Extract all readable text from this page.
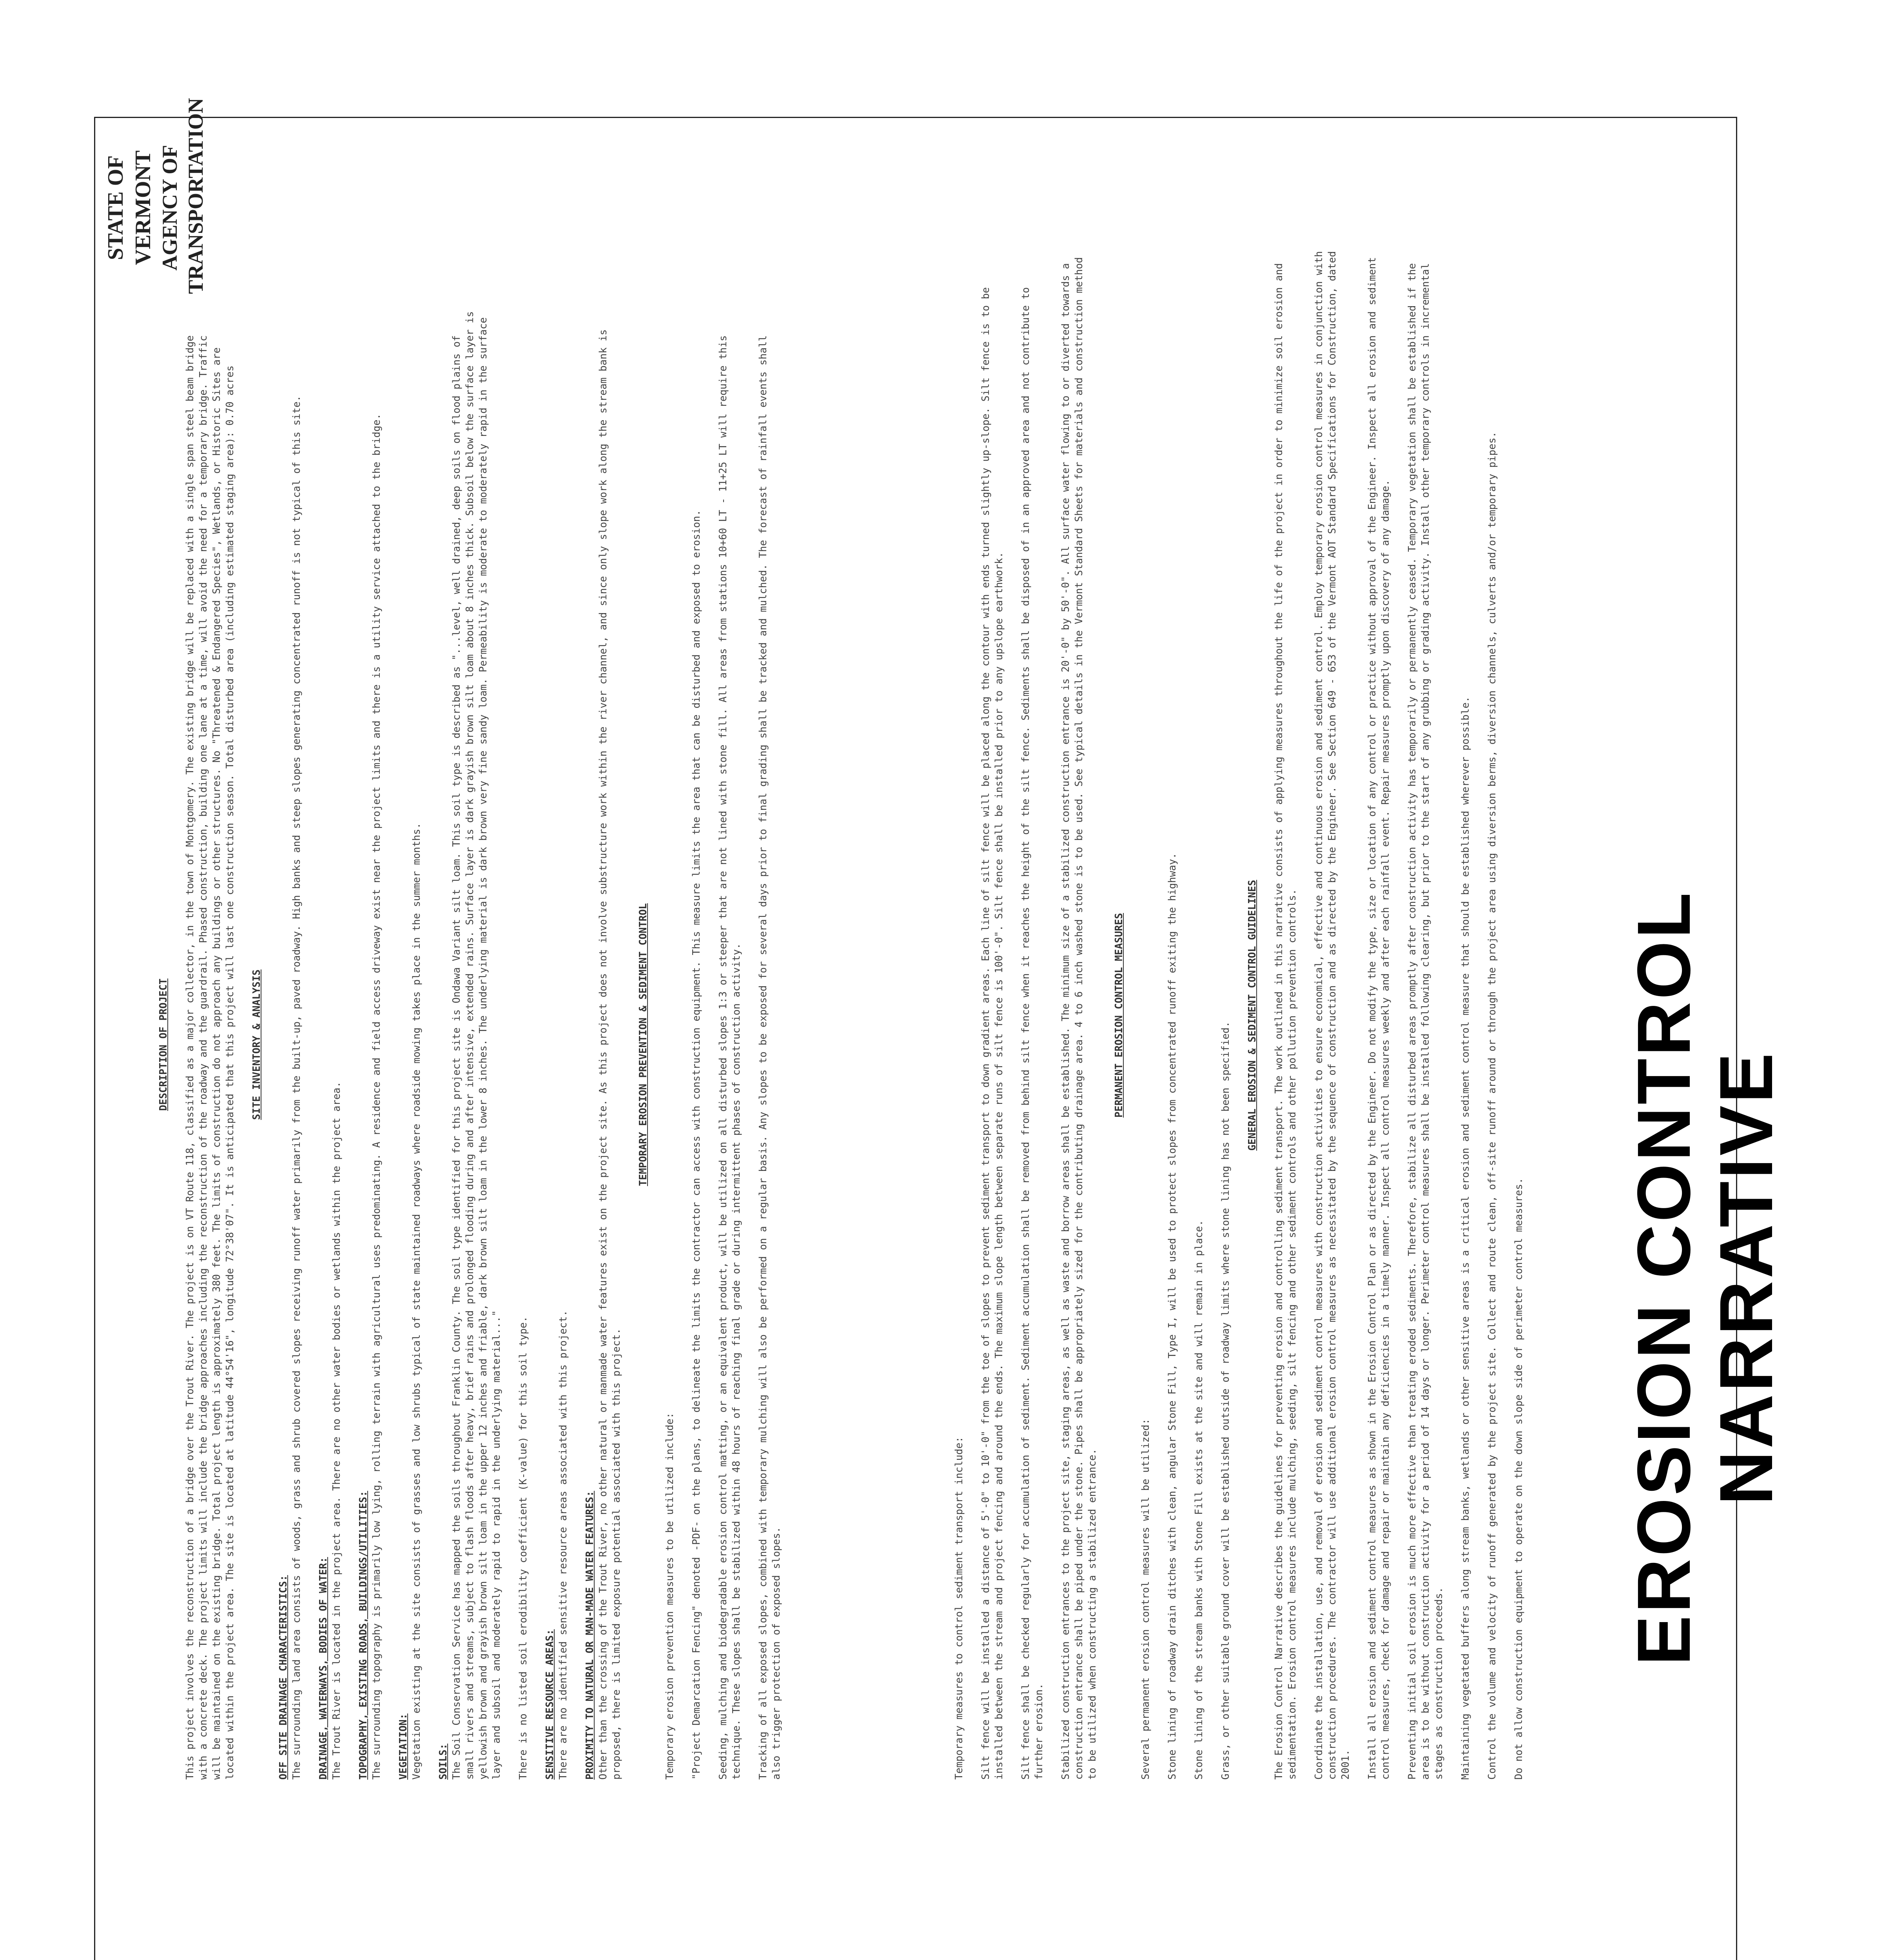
STATE OF VERMONT AGENCY OF TRANSPORTATION
EROSION CONTROL NARRATIVE
DESCRIPTION OF PROJECT This project involves the reconstruction of a bridge over the Trout River. The project is on VT Route 118, classified as a major collector, in the town of Montgomery. The existing bridge will be replaced with a single span steel beam bridge with a concrete deck. The project limits will include the bridge approaches including the reconstruction of the roadway and the guardrail. Phased construction, building one lane at a time, will avoid the need for a temporary bridge. Traffic will be maintained on the existing bridge. Total project length is approximately 380 feet. The limits of construction do not approach any buildings or other structures. No "Threatened & Endangered Species", Wetlands, or Historic Sites are located within the project area. The site is located at latitude 44°54'16", longitude 72°38'07". It is anticipated that this project will last one construction season. Total disturbed area (including estimated staging area): 0.70 acres SITE INVENTORY & ANALYSIS
OFF SITE DRAINAGE CHARACTERISTICS: The surrounding land area consists of woods, grass and shrub covered slopes receiving runoff water primarily from the built-up, paved roadway. High banks and steep slopes generating concentrated runoff is not typical of this site. DRAINAGE, WATERWAYS, BODIES OF WATER: The Trout River is located in the project area. There are no other water bodies or wetlands within the project area. TOPOGRAPHY, EXISTING ROADS, BUILDINGS/UTILITIES: The surrounding topography is primarily low lying, rolling terrain with agricultural uses predominating. A residence and field access driveway exist near the project limits and there is a utility service attached to the bridge. VEGETATION: Vegetation existing at the site consists of grasses and low shrubs typical of state maintained roadways where roadside mowing takes place in the summer months. SOILS: The Soil Conservation Service has mapped the soils throughout Franklin County. The soil type identified for this project site is Ondawa Variant silt loam. This soil type is described as "...level, well drained, deep soils on flood plains of small rivers and streams, subject to flash floods after heavy, brief rains and prolonged flooding during and after intensive, extended rains. Surface layer is dark grayish brown silt loam about 8 inches thick. Subsoil below the surface layer is yellowish brown and grayish brown silt loam in the upper 12 inches and friable, dark brown silt loam in the lower 8 inches. The underlying material is dark brown very fine sandy loam. Permeability is moderate to moderately rapid in the surface layer and subsoil and moderately rapid to rapid in the underlying material..." There is no listed soil erodibility coefficient (K-value) for this soil type. SENSITIVE RESOURCE AREAS: There are no identified sensitive resource areas associated with this project. PROXIMITY TO NATURAL OR MAN-MADE WATER FEATURES: Other than the crossing of the Trout River, no other natural or manmade water features exist on the project site. As this project does not involve substructure work within the river channel, and since only slope work along the stream bank is proposed, there is limited exposure potential associated with this project.

TEMPORARY EROSION PREVENTION & SEDIMENT CONTROL

Temporary erosion prevention measures to be utilized include: "Project Demarcation Fencing" denoted -PDF- on the plans, to delineate the limits the contractor can access with construction equipment. This measure limits the area that can be disturbed and exposed to erosion. Seeding, mulching and biodegradable erosion control matting, or an equivalent product, will be utilized on all disturbed slopes 1:3 or steeper that are not lined with stone fill. All areas from stations 10+60 LT - 11+25 LT will require this technique. These slopes shall be stabilized within 48 hours of reaching final grade or during intermittent phases of construction activity. Tracking of all exposed slopes, combined with temporary mulching will also be performed on a regular basis. Any slopes to be exposed for several days prior to final grading shall be tracked and mulched. The forecast of rainfall events shall also trigger protection of exposed slopes.	Temporary measures to control sediment transport include: Silt fence will be installed a distance of 5'-0" to 10'-0" from the toe of slopes to prevent sediment transport to down gradient areas. Each line of silt fence will be placed along the contour with ends turned slightly up-slope. Silt fence is to be installed between the stream and project fencing and around the ends. The maximum slope length between separate runs of silt fence is 100'-0". Silt fence shall be installed prior to any upslope earthwork. Silt fence shall be checked regularly for accumulation of sediment. Sediment accumulation shall be removed from behind silt fence when it reaches the height of the silt fence. Sediments shall be disposed of in an approved area and not contribute to further erosion. Stabilized construction entrances to the project site, staging areas, as well as waste and borrow areas shall be established. The minimum size of a stabilized construction entrance is 20'-0" by 50'-0". All surface water flowing to or diverted towards a construction entrance shall be piped under the stone. Pipes shall be appropriately sized for the contributing drainage area. 4 to 6 inch washed stone is to be used. See typical details in the Vermont Standard Sheets for materials and construction method to be utilized when constructing a stabilized entrance.

PERMANENT EROSION CONTROL MEASURES

Several permanent erosion control measures will be utilized: Stone lining of roadway drain ditches with clean, angular Stone Fill, Type I, will be used to protect slopes from concentrated runoff exiting the highway. Stone lining of the stream banks with Stone Fill exists at the site and will remain in place. Grass, or other suitable ground cover will be established outside of roadway limits where stone lining has not been specified.

GENERAL EROSION & SEDIMENT CONTROL GUIDELINES The Erosion Control Narrative describes the guidelines for preventing erosion and controlling sediment transport. The work outlined in this narrative consists of applying measures throughout the life of the project in order to minimize soil erosion and sedimentation. Erosion control measures include mulching, seeding, silt fencing and other sediment controls and other pollution prevention controls. Coordinate the installation, use, and removal of erosion and sediment control measures with construction activities to ensure economical, effective and continuous erosion and sediment control. Employ temporary erosion control measures in conjunction with construction procedures. The contractor will use additional erosion control measures as necessitated by the sequence of construction and as directed by the Engineer. See Section 649 - 653 of the Vermont AOT Standard Specifications for Construction, dated 2001. Install all erosion and sediment control measures as shown in the Erosion Control Plan or as directed by the Engineer. Do not modify the type, size or location of any control or practice without approval of the Engineer. Inspect all erosion and sediment control measures, check for damage and repair or maintain any deficiencies in a timely manner. Inspect all control measures weekly and after each rainfall event. Repair measures promptly upon discovery of any damage. Preventing initial soil erosion is much more effective than treating eroded sediments. Therefore, stabilize all disturbed areas promptly after construction activity has temporarily or permanently ceased. Temporary vegetation shall be established if the area is to be without construction activity for a period of 14 days or longer. Perimeter control measures shall be installed following clearing, but prior to the start of any grubbing or grading activity. Install other temporary controls in incremental stages as construction proceeds. Maintaining vegetated buffers along stream banks, wetlands or other sensitive areas is a critical erosion and sediment control measure that should be established wherever possible. Control the volume and velocity of runoff generated by the project site. Collect and route clean, off-site runoff around or through the project area using diversion berms, diversion channels, culverts and/or temporary pipes. Do not allow construction equipment to operate on the down slope side of perimeter control measures.
